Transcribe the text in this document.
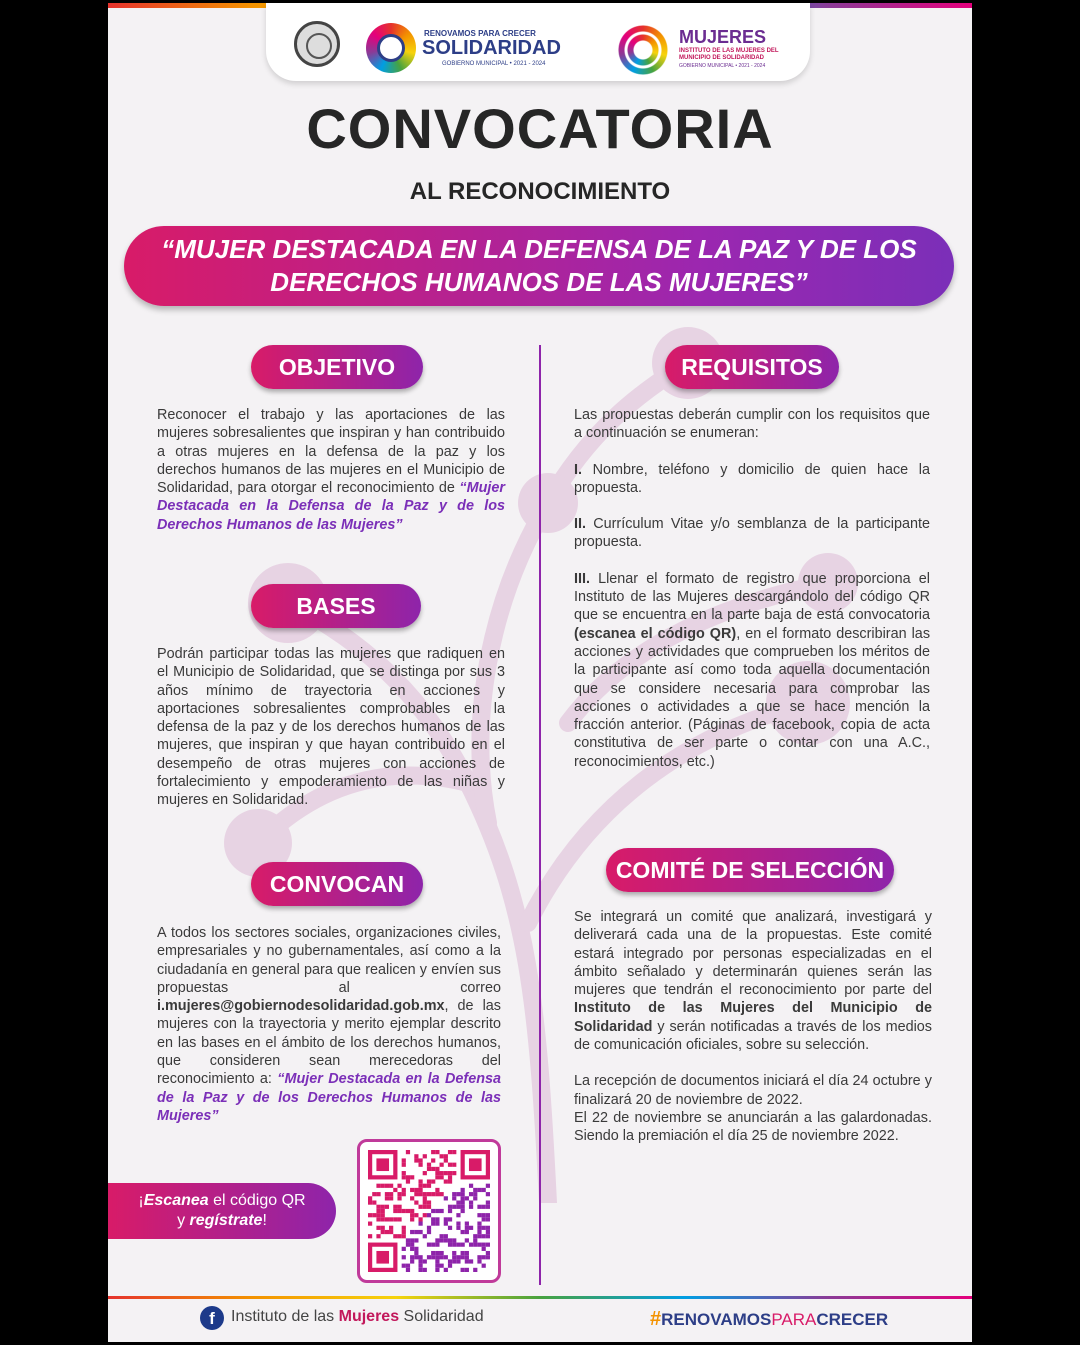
RENOVAMOS PARA CRECER
SOLIDARIDAD
GOBIERNO MUNICIPAL • 2021 - 2024
MUJERES
INSTITUTO DE LAS MUJERES DEL MUNICIPIO DE SOLIDARIDAD
GOBIERNO MUNICIPAL • 2021 - 2024
CONVOCATORIA
AL RECONOCIMIENTO
“MUJER DESTACADA EN LA DEFENSA DE LA PAZ Y DE LOS DERECHOS HUMANOS DE LAS MUJERES”
OBJETIVO

Reconocer el trabajo y las aportaciones de las mujeres sobresalientes que inspiran y han contribuido a otras mujeres en la defensa de la paz y los derechos humanos de las mujeres en el Municipio de Solidaridad, para otorgar el reconocimiento de “Mujer Destacada en la Defensa de la Paz y de los Derechos Humanos de las Mujeres”

BASES
Podrán participar todas las mujeres que radiquen en el Municipio de Solidaridad, que se distinga por sus 3 años mínimo de trayectoria en acciones y aportaciones sobresalientes comprobables en la defensa de la paz y de los derechos humanos de las mujeres, que inspiran y que hayan contribuido en el desempeño de otras mujeres con acciones de fortalecimiento y empoderamiento de las niñas y mujeres en Solidaridad.
CONVOCAN

A todos los sectores sociales, organizaciones civiles, empresariales y no gubernamentales, así como a la ciudadanía en general para que realicen y envíen sus propuestas al correo i.mujeres@gobiernodesolidaridad.gob.mx, de las mujeres con la trayectoria y merito ejemplar descrito en las bases en el ámbito de los derechos humanos, que consideren sean merecedoras del reconocimiento a: “Mujer Destacada en la Defensa de la Paz y de los Derechos Humanos de las Mujeres”

REQUISITOS

Las propuestas deberán cumplir con los requisitos que a continuación se enumeran:

I. Nombre, teléfono y domicilio de quien hace la propuesta.

II. Currículum Vitae y/o semblanza de la participante propuesta.

III. Llenar el formato de registro que proporciona el Instituto de las Mujeres descargándolo del código QR que se encuentra en la parte baja de está convocatoria (escanea el código QR), en el formato describiran las acciones y actividades que comprueben los méritos de la participante así como toda aquella documentación que se considere necesaria para comprobar las acciones o actividades a que se hace mención la fracción anterior. (Páginas de facebook, copia de acta constitutiva de ser parte o contar con una A.C., reconocimientos, etc.)

COMITÉ DE SELECCIÓN

Se integrará un comité que analizará, investigará y deliverará cada una de la propuestas. Este comité estará integrado por personas especializadas en el ámbito señalado y determinarán quienes serán las mujeres que tendrán el reconocimiento por parte del Instituto de las Mujeres del Municipio de Solidaridad y serán notificadas a través de los medios de comunicación oficiales, sobre su selección.

La recepción de documentos iniciará el día 24 octubre y finalizará 20 de noviembre de 2022.

El 22 de noviembre se anunciarán a las galardonadas. Siendo la premiación el día 25 de noviembre 2022.

¡Escanea el código QR
y regístrate!
f	Instituto de las Mujeres Solidaridad	#RENOVAMOSPARACRECER
